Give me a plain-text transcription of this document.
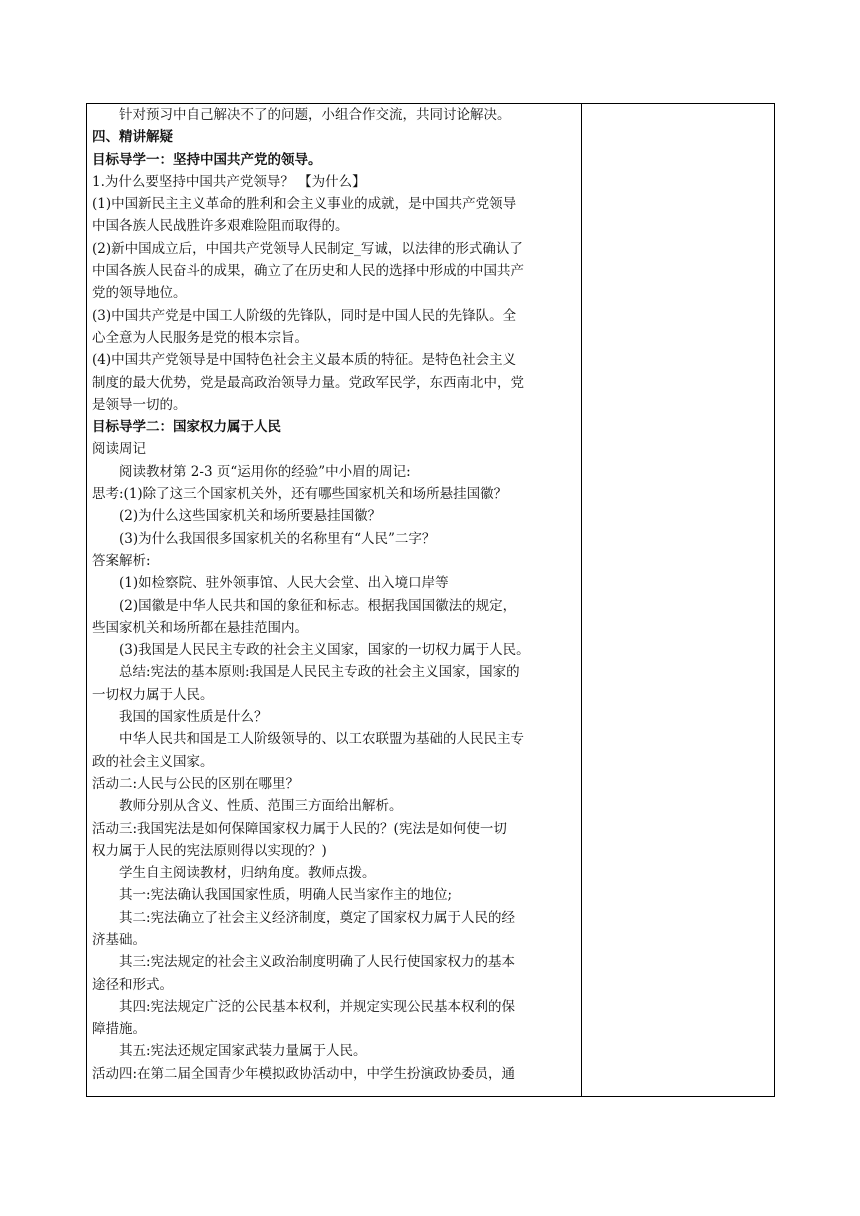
针对预习中自己解决不了的问题，小组合作交流，共同讨论解决。
四、精讲解疑
目标导学一：坚持中国共产党的领导。
1.为什么要坚持中国共产党领导？ 【为什么】
(1)中国新民主主义革命的胜利和会主义事业的成就，是中国共产党领导
中国各族人民战胜许多艰难险阻而取得的。
(2)新中国成立后，中国共产党领导人民制定_写诚，以法律的形式确认了
中国各族人民奋斗的成果，确立了在历史和人民的选择中形成的中国共产
党的领导地位。
(3)中国共产党是中国工人阶级的先锋队，同时是中国人民的先锋队。全
心全意为人民服务是党的根本宗旨。
(4)中国共产党领导是中国特色社会主义最本质的特征。是特色社会主义
制度的最大优势，党是最高政治领导力量。党政军民学，东西南北中，党
是领导一切的。
目标导学二：国家权力属于人民
阅读周记
阅读教材第 2-3 页“运用你的经验”中小眉的周记:
思考:(1)除了这三个国家机关外，还有哪些国家机关和场所悬挂国徽？
(2)为什么这些国家机关和场所要悬挂国徽？
(3)为什么我国很多国家机关的名称里有“人民”二字？
答案解析:
(1)如检察院、驻外领事馆、人民大会堂、出入境口岸等
(2)国徽是中华人民共和国的象征和标志。根据我国国徽法的规定，
些国家机关和场所都在悬挂范围内。
(3)我国是人民民主专政的社会主义国家，国家的一切权力属于人民。
总结:宪法的基本原则:我国是人民民主专政的社会主义国家，国家的
一切权力属于人民。
我国的国家性质是什么？
中华人民共和国是工人阶级领导的、以工农联盟为基础的人民民主专
政的社会主义国家。
活动二:人民与公民的区别在哪里？
教师分别从含义、性质、范围三方面给出解析。
活动三:我国宪法是如何保障国家权力属于人民的？(宪法是如何使一切
权力属于人民的宪法原则得以实现的？)
学生自主阅读教材，归纳角度。教师点拨。
其一:宪法确认我国国家性质，明确人民当家作主的地位;
其二:宪法确立了社会主义经济制度，奠定了国家权力属于人民的经
济基础。
其三:宪法规定的社会主义政治制度明确了人民行使国家权力的基本
途径和形式。
其四:宪法规定广泛的公民基本权利，并规定实现公民基本权利的保
障措施。
其五:宪法还规定国家武装力量属于人民。
活动四:在第二届全国青少年模拟政协活动中，中学生扮演政协委员，通
